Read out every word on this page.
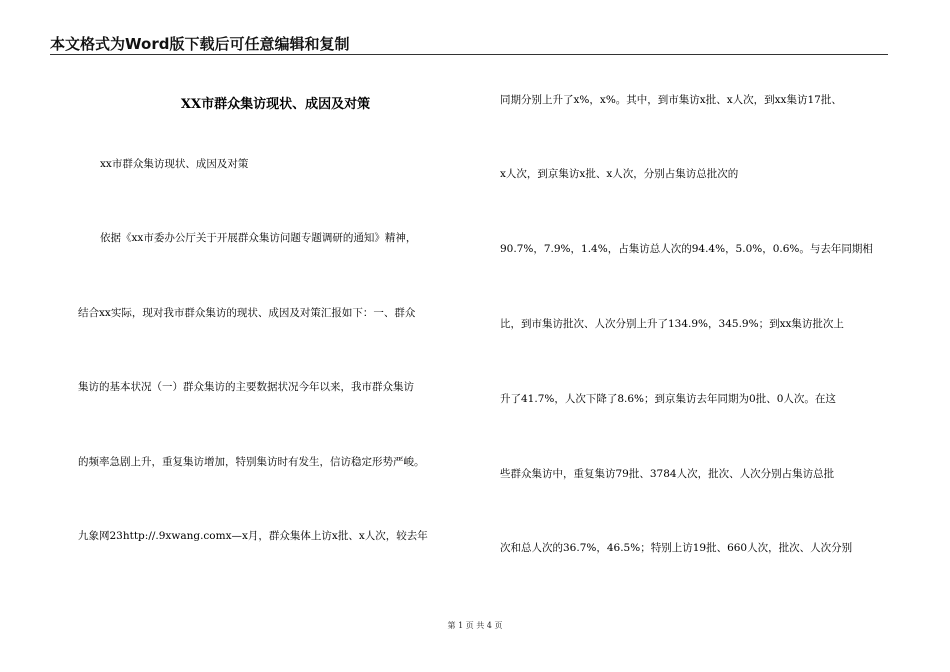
本文格式为Word版下载后可任意编辑和复制
XX市群众集访现状、成因及对策
xx市群众集访现状、成因及对策
依据《xx市委办公厅关于开展群众集访问题专题调研的通知》精神，
结合xx实际，现对我市群众集访的现状、成因及对策汇报如下：一、群众
集访的基本状况（一）群众集访的主要数据状况今年以来，我市群众集访
的频率急剧上升，重复集访增加，特别集访时有发生，信访稳定形势严峻。
九象网23http://.9xwang.comx—x月，群众集体上访x批、x人次，较去年
同期分别上升了x%，x%。其中，到市集访x批、x人次，到xx集访17批、
x人次，到京集访x批、x人次，分别占集访总批次的
90.7%，7.9%，1.4%，占集访总人次的94.4%，5.0%，0.6%。与去年同期相
比，到市集访批次、人次分别上升了134.9%，345.9%；到xx集访批次上
升了41.7%，人次下降了8.6%；到京集访去年同期为0批、0人次。在这
些群众集访中，重复集访79批、3784人次，批次、人次分别占集访总批
次和总人次的36.7%，46.5%；特别上访19批、660人次，批次、人次分别
第 1 页 共 4 页
